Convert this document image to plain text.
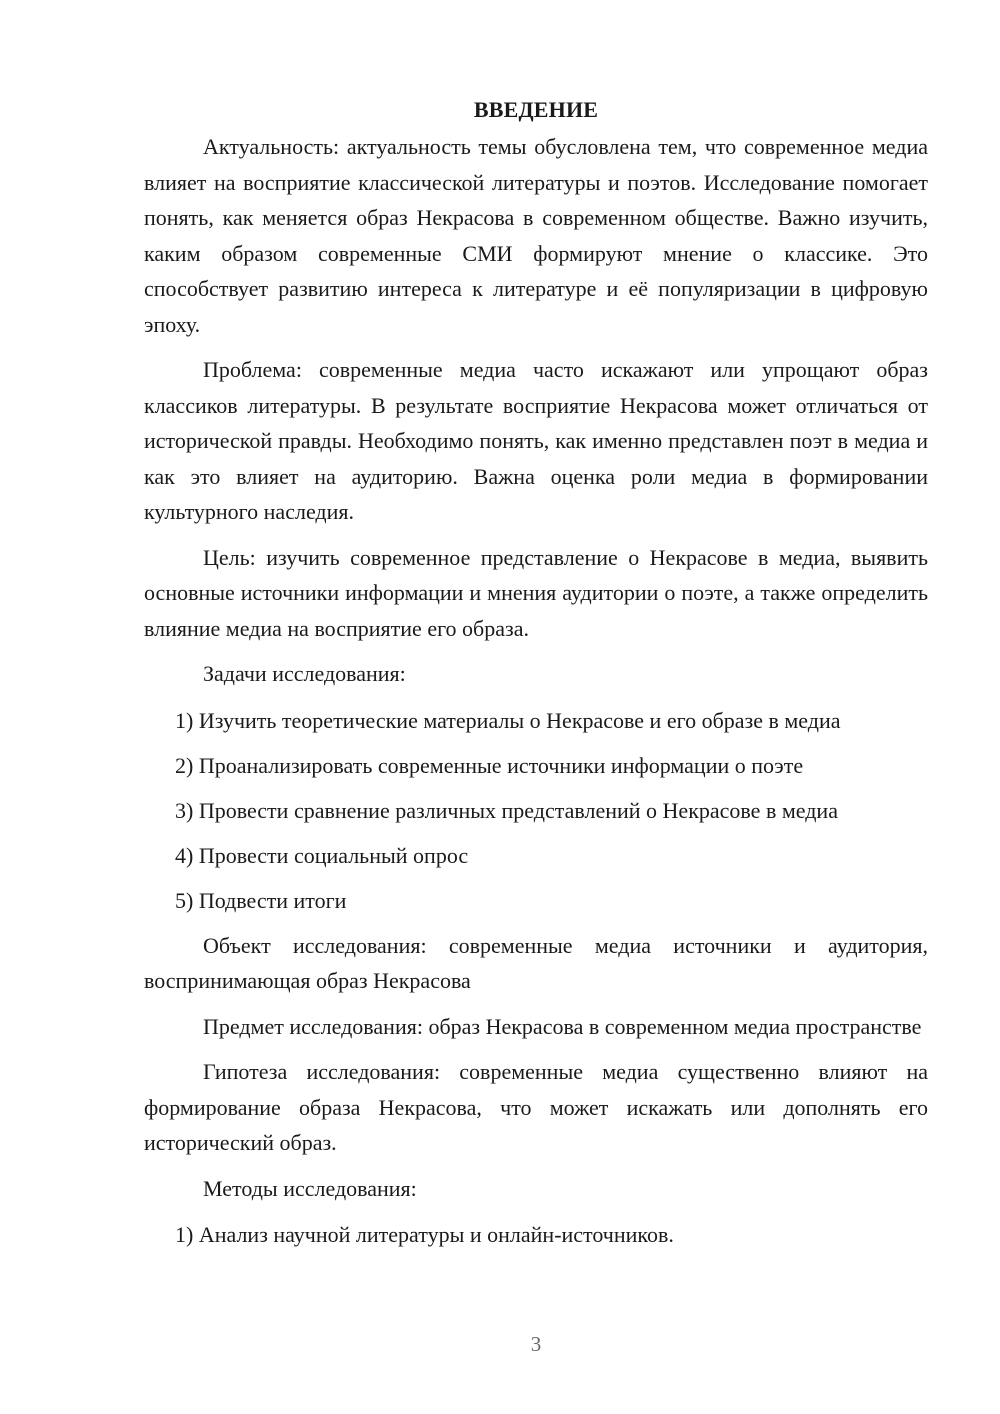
ВВЕДЕНИЕ

Актуальность: актуальность темы обусловлена тем, что современное медиа влияет на восприятие классической литературы и поэтов. Исследование помогает понять, как меняется образ Некрасова в современном обществе. Важно изучить, каким образом современные СМИ формируют мнение о классике. Это способствует развитию интереса к литературе и её популяризации в цифровую эпоху.

Проблема: современные медиа часто искажают или упрощают образ классиков литературы. В результате восприятие Некрасова может отличаться от исторической правды. Необходимо понять, как именно представлен поэт в медиа и как это влияет на аудиторию. Важна оценка роли медиа в формировании культурного наследия.

Цель: изучить современное представление о Некрасове в медиа, выявить основные источники информации и мнения аудитории о поэте, а также определить влияние медиа на восприятие его образа.

Задачи исследования:

1) Изучить теоретические материалы о Некрасове и его образе в медиа
2) Проанализировать современные источники информации о поэте
3) Провести сравнение различных представлений о Некрасове в медиа
4) Провести социальный опрос
5) Подвести итоги

Объект исследования: современные медиа источники и аудитория, воспринимающая образ Некрасова

Предмет исследования: образ Некрасова в современном медиа пространстве

Гипотеза исследования: современные медиа существенно влияют на формирование образа Некрасова, что может искажать или дополнять его исторический образ.

Методы исследования:

1) Анализ научной литературы и онлайн-источников.
3
